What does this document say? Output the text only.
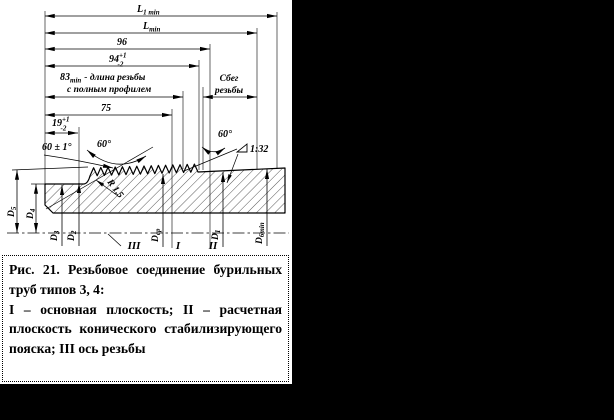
$L_{1 min}$
$L_{min}$
96
$94^{+1}$ -2
$83_{min}$ - длина резьбы
с полным профилем
Сбег
резьбы
75
$19^{+1}$ -2
60 ± 1°	60°
60°
1:32
R 1,5
$D_5$
$D_4$
$D_3$
$D_2$
$D_{ср}$
$D_1$
$D_{6min}$
III	I	II

Рис. 21. Резьбовое соединение бурильных труб типов 3, 4:

I – основная плоскость; II – расчетная плоскость конического стабилизирующего пояска; III ось резьбы
